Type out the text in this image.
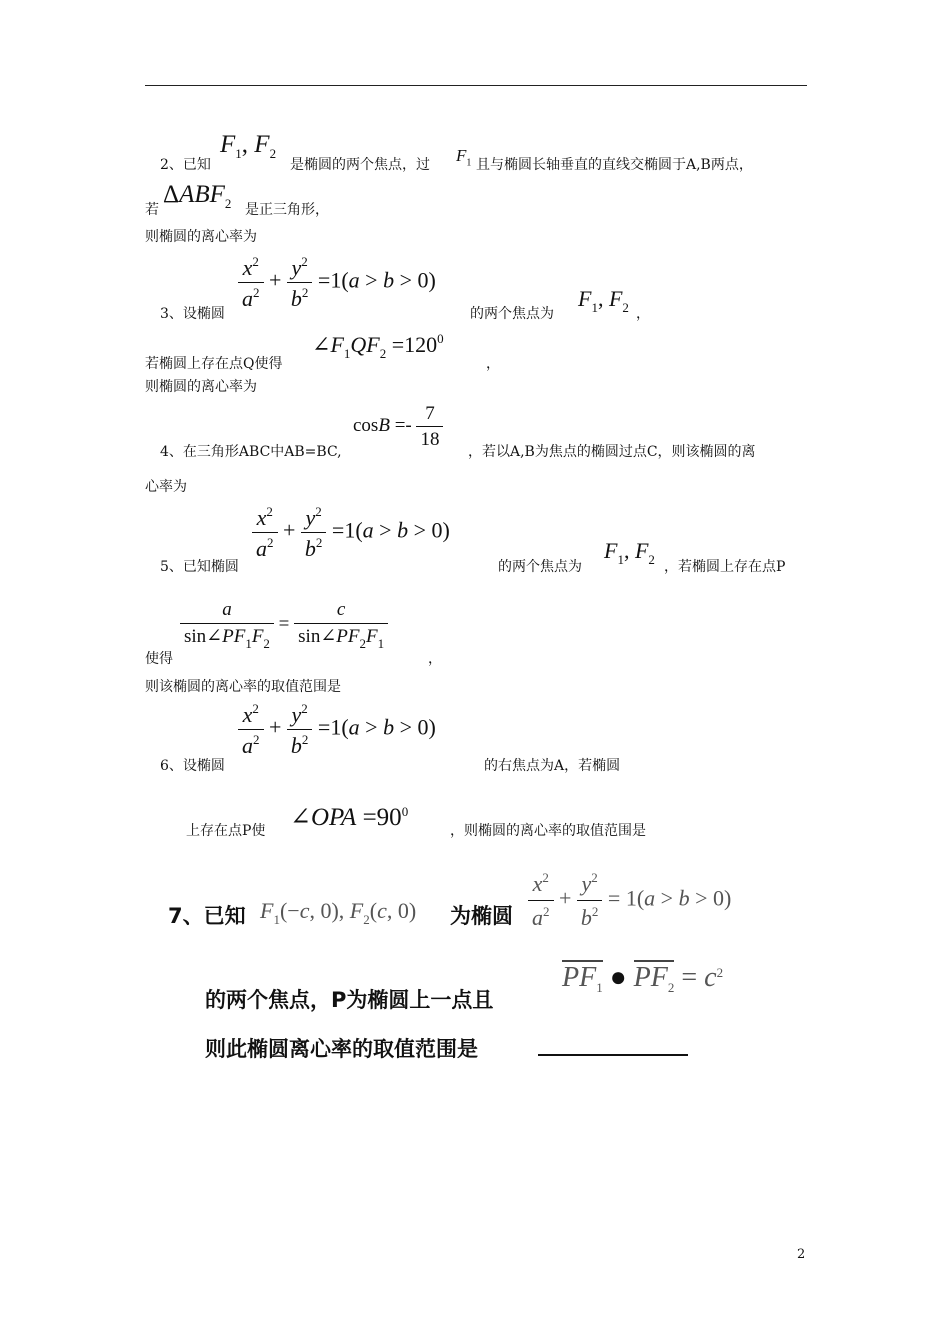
2、已知
$F_1$, $F_2$
是椭圆的两个焦点，过 $F_1$ 且与椭圆长轴垂直的直线交椭圆于A,B两点，
若
$\Delta ABF_2$ 是正三角形，
则椭圆的离心率为
3、设椭圆
$\frac{x^2}{a^2} + \frac{y^2}{b^2} =1(a > b > 0)$
的两个焦点为
$F_1$, $F_2$ ，
若椭圆上存在点Q使得
$\angle F_1QF_2 =120^0$
，
则椭圆的离心率为
4、在三角形ABC中AB=BC,
$\cos B =- \frac{7}{18}$
，若以A,B为焦点的椭圆过点C，则该椭圆的离
心率为
5、已知椭圆
$\frac{x^2}{a^2} + \frac{y^2}{b^2} =1(a > b > 0)$
的两个焦点为
$F_1$, $F_2$ ，若椭圆上存在点P
使得
$\frac{a}{\sin\angle PF_1F_2} = \frac{c}{\sin\angle PF_2F_1}$
，
则该椭圆的离心率的取值范围是
6、设椭圆
$\frac{x^2}{a^2} + \frac{y^2}{b^2} =1(a > b > 0)$
的右焦点为A，若椭圆
上存在点P使 ∠OPA $=90^0$
，则椭圆的离心率的取值范围是
7、已知 $F_1(-c$, 0), $F_2(c$, 0) 为椭圆 $\frac{x^2}{a^2} + \frac{y^2}{b^2} = 1(a > b > 0)$
的两个焦点，P为椭圆上一点且
$PF_1$ ● $PF_2 = c^2$
则此椭圆离心率的取值范围是
2
